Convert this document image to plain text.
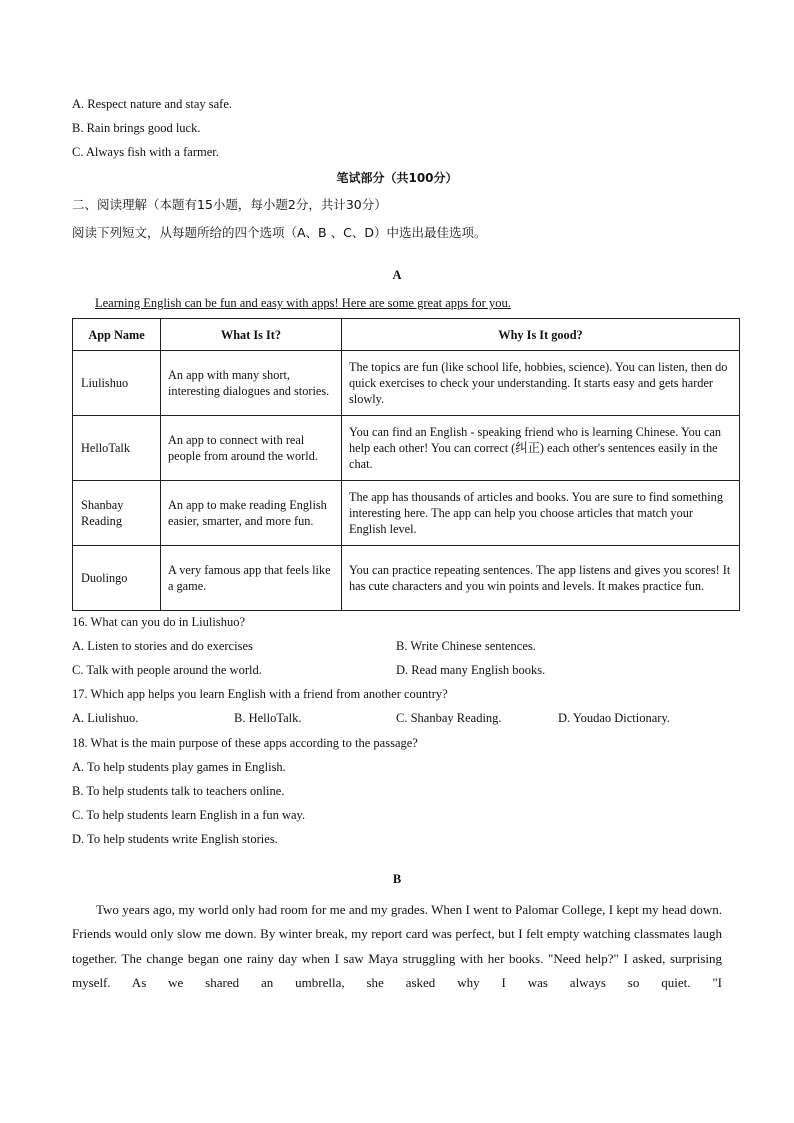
A. Respect nature and stay safe.
B. Rain brings good luck.
C. Always fish with a farmer.
笔试部分（共100分）
二、阅读理解（本题有15小题，每小题2分，共计30分）
阅读下列短文，从每题所给的四个选项（A、B 、C、D）中选出最佳选项。
A
Learning English can be fun and easy with apps! Here are some great apps for you.
App Name	What Is It?	Why Is It good?
Liulishuo	An app with many short, interesting dialogues and stories.	The topics are fun (like school life, hobbies, science). You can listen, then do quick exercises to check your understanding. It starts easy and gets harder slowly.
HelloTalk	An app to connect with real people from around the world.	You can find an English - speaking friend who is learning Chinese. You can help each other! You can correct (纠正) each other's sentences easily in the chat.
Shanbay Reading	An app to make reading English easier, smarter, and more fun.	The app has thousands of articles and books. You are sure to find something interesting here. The app can help you choose articles that match your English level.
Duolingo	A very famous app that feels like a game.	You can practice repeating sentences. The app listens and gives you scores! It has cute characters and you win points and levels. It makes practice fun.
16. What can you do in Liulishuo?
A. Listen to stories and do exercises	B. Write Chinese sentences.
C. Talk with people around the world.	D. Read many English books.
17. Which app helps you learn English with a friend from another country?
A. Liulishuo.	B. HelloTalk.	C. Shanbay Reading.	D. Youdao Dictionary.
18. What is the main purpose of these apps according to the passage?
A. To help students play games in English.
B. To help students talk to teachers online.
C. To help students learn English in a fun way.
D. To help students write English stories.
B

Two years ago, my world only had room for me and my grades. When I went to Palomar College, I kept my head down. Friends would only slow me down. By winter break, my report card was perfect, but I felt empty watching classmates laugh together. The change began one rainy day when I saw Maya struggling with her books. "Need help?" I asked, surprising myself. As we shared an umbrella, she asked why I was always so quiet. "I
